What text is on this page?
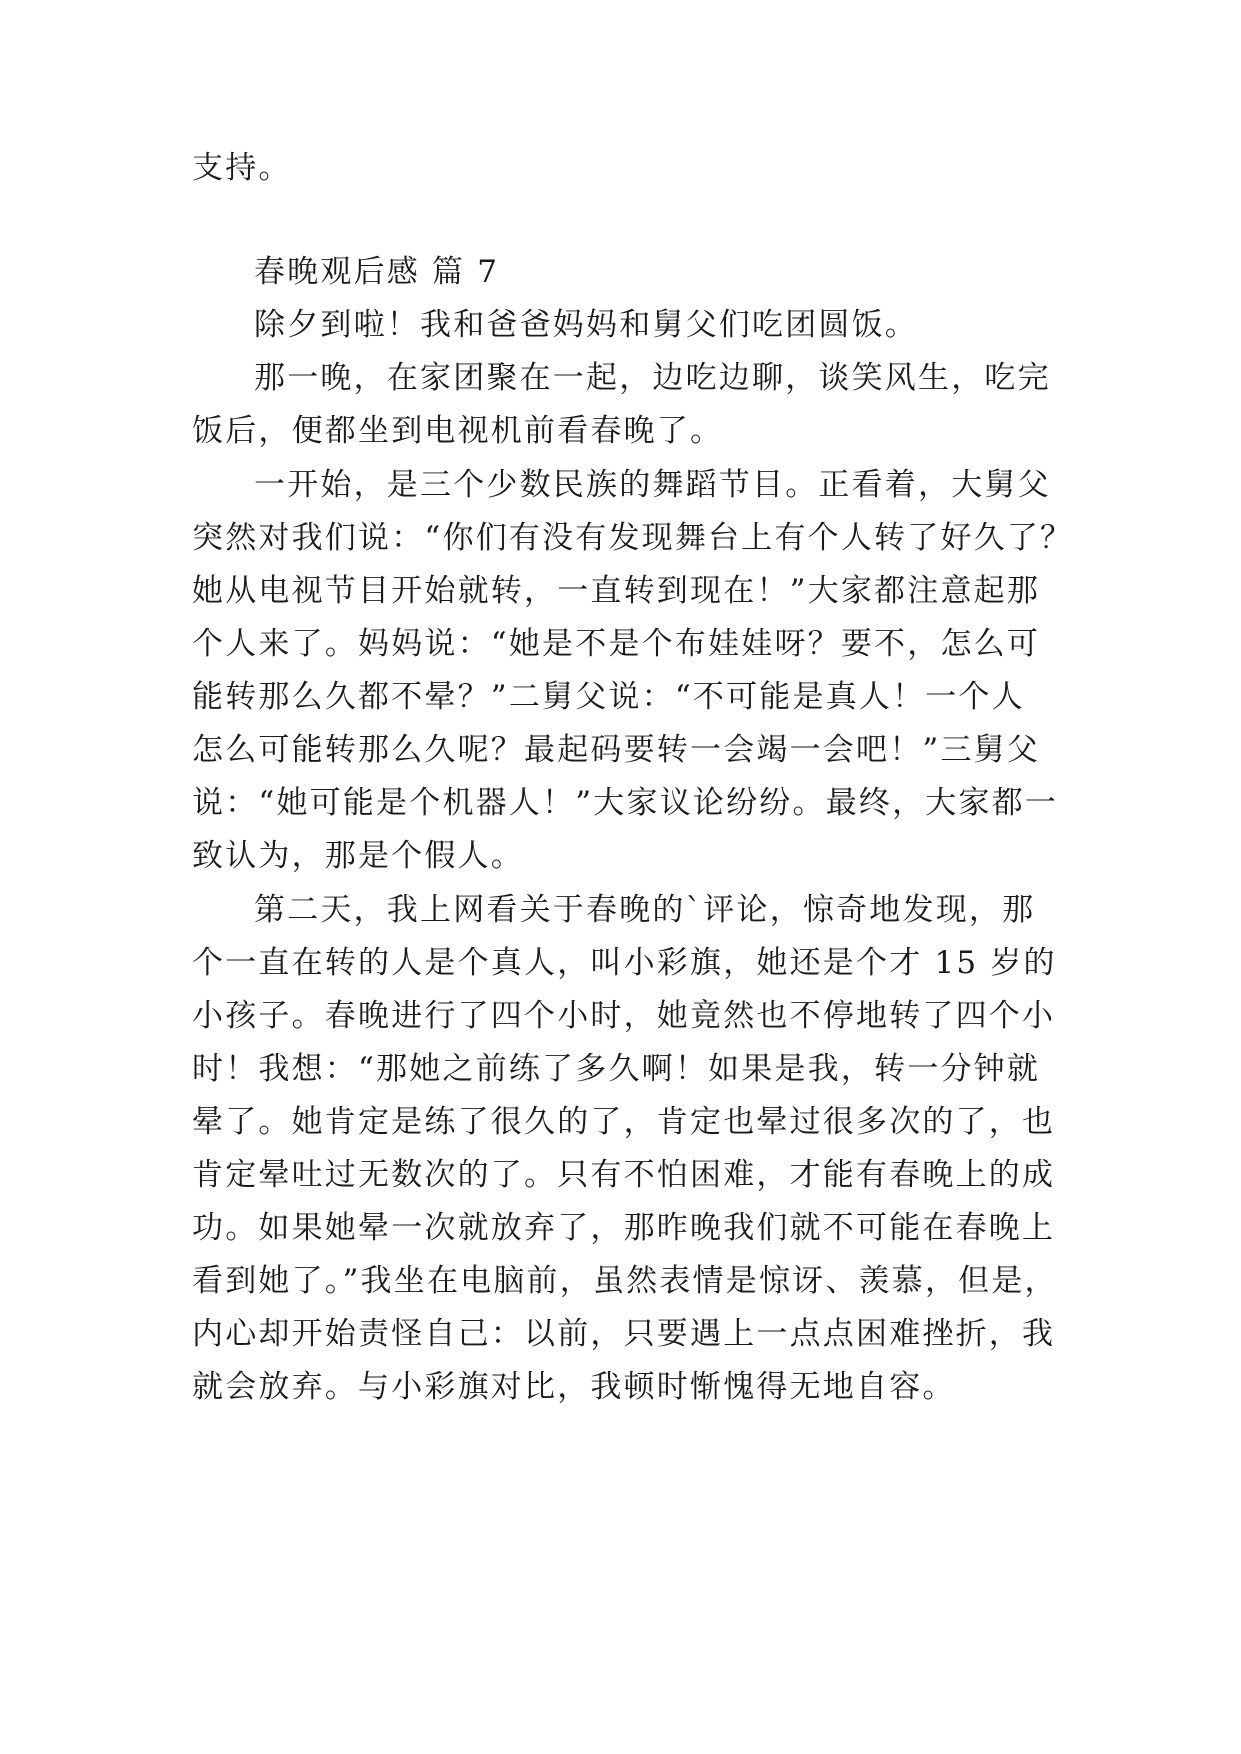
支持。
春晚观后感 篇 7
除夕到啦！我和爸爸妈妈和舅父们吃团圆饭。
那一晚，在家团聚在一起，边吃边聊，谈笑风生，吃完
饭后，便都坐到电视机前看春晚了。
一开始，是三个少数民族的舞蹈节目。正看着，大舅父
突然对我们说：“你们有没有发现舞台上有个人转了好久了？
她从电视节目开始就转，一直转到现在！”大家都注意起那
个人来了。妈妈说：“她是不是个布娃娃呀？要不，怎么可
能转那么久都不晕？”二舅父说：“不可能是真人！一个人
怎么可能转那么久呢？最起码要转一会竭一会吧！”三舅父
说：“她可能是个机器人！”大家议论纷纷。最终，大家都一
致认为，那是个假人。
第二天，我上网看关于春晚的`评论，惊奇地发现，那
个一直在转的人是个真人，叫小彩旗，她还是个才 15 岁的
小孩子。春晚进行了四个小时，她竟然也不停地转了四个小
时！我想：“那她之前练了多久啊！如果是我，转一分钟就
晕了。她肯定是练了很久的了，肯定也晕过很多次的了，也
肯定晕吐过无数次的了。只有不怕困难，才能有春晚上的成
功。如果她晕一次就放弃了，那昨晚我们就不可能在春晚上
看到她了。”我坐在电脑前，虽然表情是惊讶、羡慕，但是，
内心却开始责怪自己：以前，只要遇上一点点困难挫折，我
就会放弃。与小彩旗对比，我顿时惭愧得无地自容。
